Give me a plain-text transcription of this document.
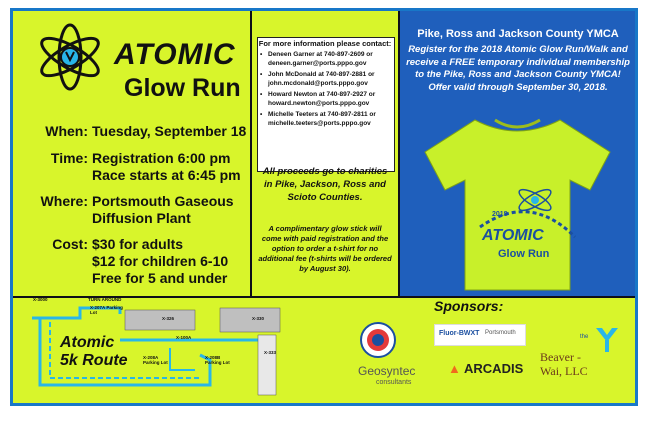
ATOMIC
Glow Run
When: Tuesday, September 18
Time: Registration 6:00 pm
Race starts at 6:45 pm
Where: Portsmouth Gaseous
Diffusion Plant
Cost: $30 for adults
$12 for children 6-10
Free for 5 and under
For more information please contact:
• Deneen Garner at 740-897-2609 or
deneen.garner@ports.pppo.gov
• John McDonald at 740-897-2881 or
john.mcdonald@ports.pppo.gov
• Howard Newton at 740-897-2927 or
howard.newton@ports.pppo.gov
• Michelle Teeters at 740-897-2811 or
michelle.teeters@ports.pppo.gov
All proceeds go to charities in Pike, Jackson, Ross and Scioto Counties.
A complimentary glow stick will come with paid registration and the option to order a t-shirt for no additional fee (t-shirts will be ordered by August 30).
Pike, Ross and Jackson County YMCA
Register for the 2018 Atomic Glow Run/Walk and receive a FREE temporary individual membership to the Pike, Ross and Jackson County YMCA! Offer valid through September 30, 2018.
2018
ATOMIC
Glow Run
X-3000	TURN AROUND
X-326	X-330
X-333
X-100A
X-207A Parking Lot
X-208A Parking Lot
X-208B Parking Lot
Atomic
5k Route
Sponsors:
Fluor-BWXT Portsmouth
the
Geosyntec
consultants
▲ ARCADIS
Beaver -
Wai, LLC
